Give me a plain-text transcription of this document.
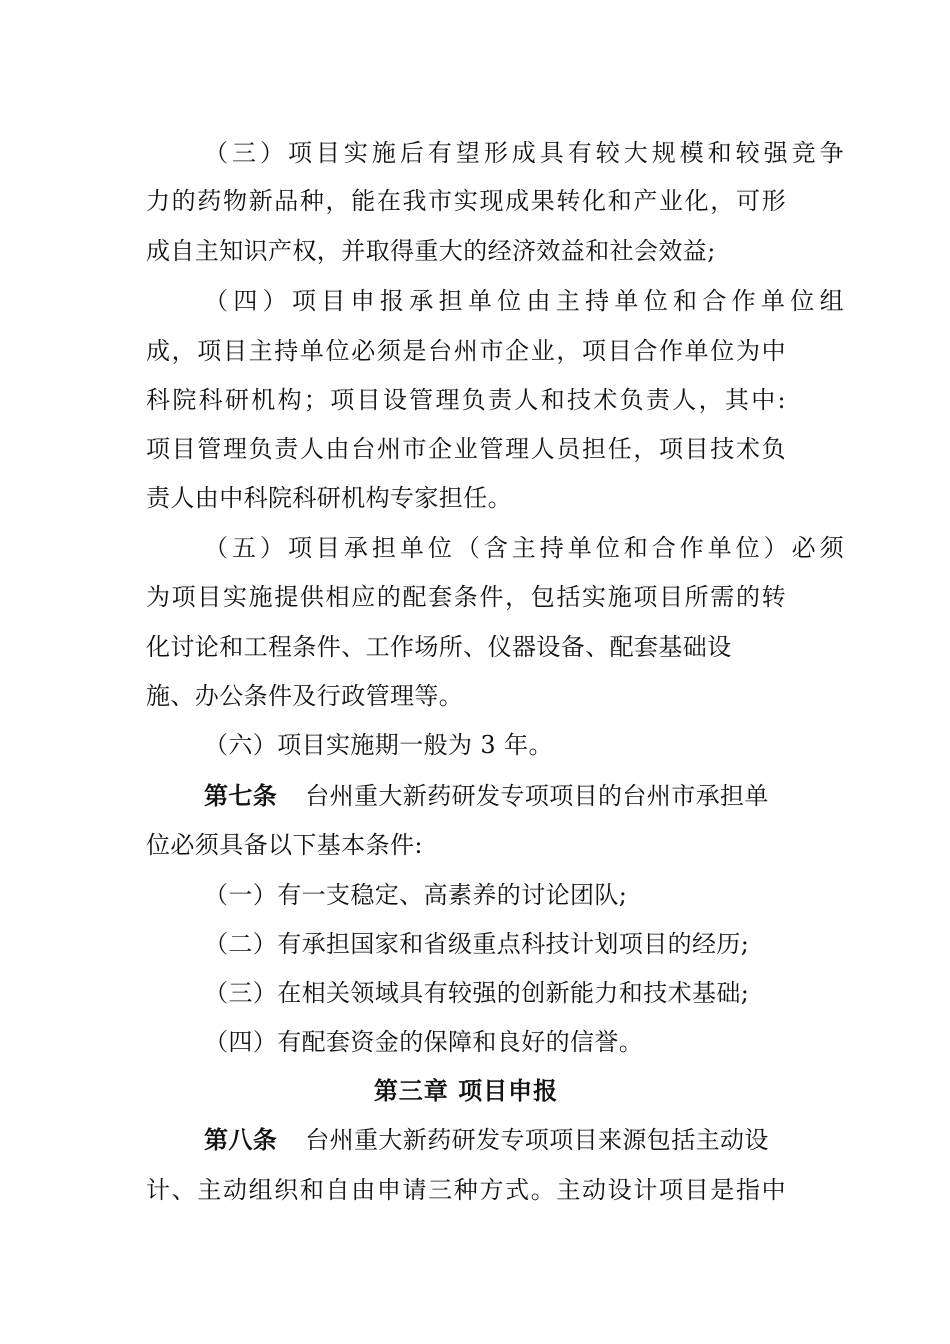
（三）项目实施后有望形成具有较大规模和较强竞争
力的药物新品种，能在我市实现成果转化和产业化，可形
成自主知识产权，并取得重大的经济效益和社会效益;
（四）项目申报承担单位由主持单位和合作单位组
成，项目主持单位必须是台州市企业，项目合作单位为中
科院科研机构；项目设管理负责人和技术负责人，其中:
项目管理负责人由台州市企业管理人员担任，项目技术负
责人由中科院科研机构专家担任。
（五）项目承担单位（含主持单位和合作单位）必须
为项目实施提供相应的配套条件，包括实施项目所需的转
化讨论和工程条件、工作场所、仪器设备、配套基础设
施、办公条件及行政管理等。
（六）项目实施期一般为 3 年。
第七条 台州重大新药研发专项项目的台州市承担单
位必须具备以下基本条件:
（一）有一支稳定、高素养的讨论团队;
（二）有承担国家和省级重点科技计划项目的经历;
（三）在相关领域具有较强的创新能力和技术基础;
（四）有配套资金的保障和良好的信誉。
第三章 项目申报
第八条 台州重大新药研发专项项目来源包括主动设
计、主动组织和自由申请三种方式。主动设计项目是指中
